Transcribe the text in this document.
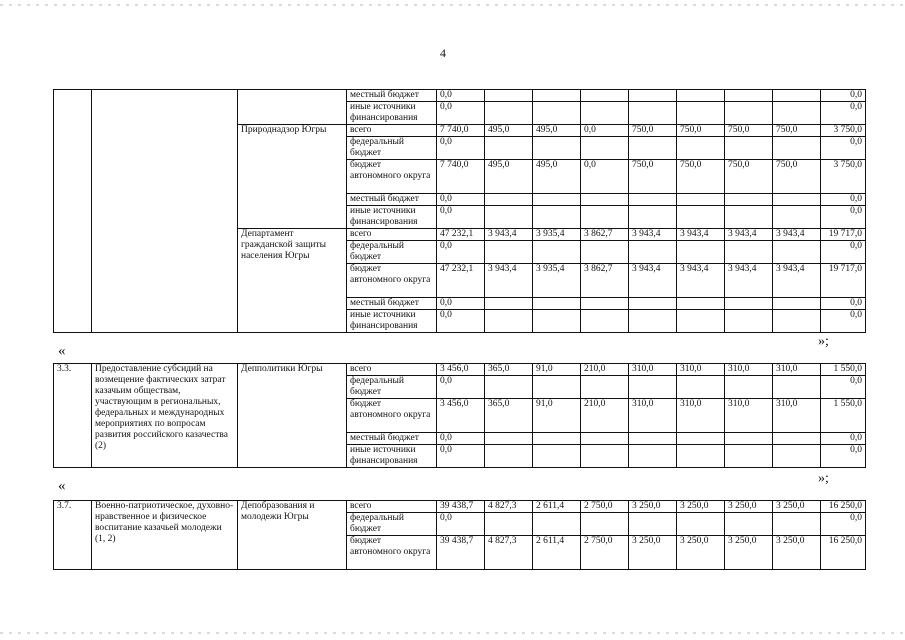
4
			местный бюджет	0,0								0,0
			иные источники финансирования	0,0								0,0
		Природнадзор Югры	всего	7 740,0	495,0	495,0	0,0	750,0	750,0	750,0	750,0	3 750,0
			федеральный бюджет	0,0								0,0
			бюджет автономного округа	7 740,0	495,0	495,0	0,0	750,0	750,0	750,0	750,0	3 750,0
			местный бюджет	0,0								0,0
			иные источники финансирования	0,0								0,0
		Департамент гражданской защиты населения Югры	всего	47 232,1	3 943,4	3 935,4	3 862,7	3 943,4	3 943,4	3 943,4	3 943,4	19 717,0
			федеральный бюджет	0,0								0,0
			бюджет автономного округа	47 232,1	3 943,4	3 935,4	3 862,7	3 943,4	3 943,4	3 943,4	3 943,4	19 717,0
			местный бюджет	0,0								0,0
			иные источники финансирования	0,0								0,0
«
»;
3.3.	Предоставление субсидий на возмещение фактических затрат казачьим обществам, участвующим в региональных, федеральных и международных мероприятиях по вопросам развития российского казачества (2)	Депполитики Югры	всего	3 456,0	365,0	91,0	210,0	310,0	310,0	310,0	310,0	1 550,0
			федеральный бюджет	0,0								0,0
			бюджет автономного округа	3 456,0	365,0	91,0	210,0	310,0	310,0	310,0	310,0	1 550,0
			местный бюджет	0,0								0,0
			иные источники финансирования	0,0								0,0
«	»;
3.7.	Военно-патриотическое, духовно-нравственное и физическое воспитание казачьей молодежи (1, 2)	Депобразования и молодежи Югры	всего	39 438,7	4 827,3	2 611,4	2 750,0	3 250,0	3 250,0	3 250,0	3 250,0	16 250,0
			федеральный бюджет	0,0								0,0
			бюджет автономного округа	39 438,7	4 827,3	2 611,4	2 750,0	3 250,0	3 250,0	3 250,0	3 250,0	16 250,0
